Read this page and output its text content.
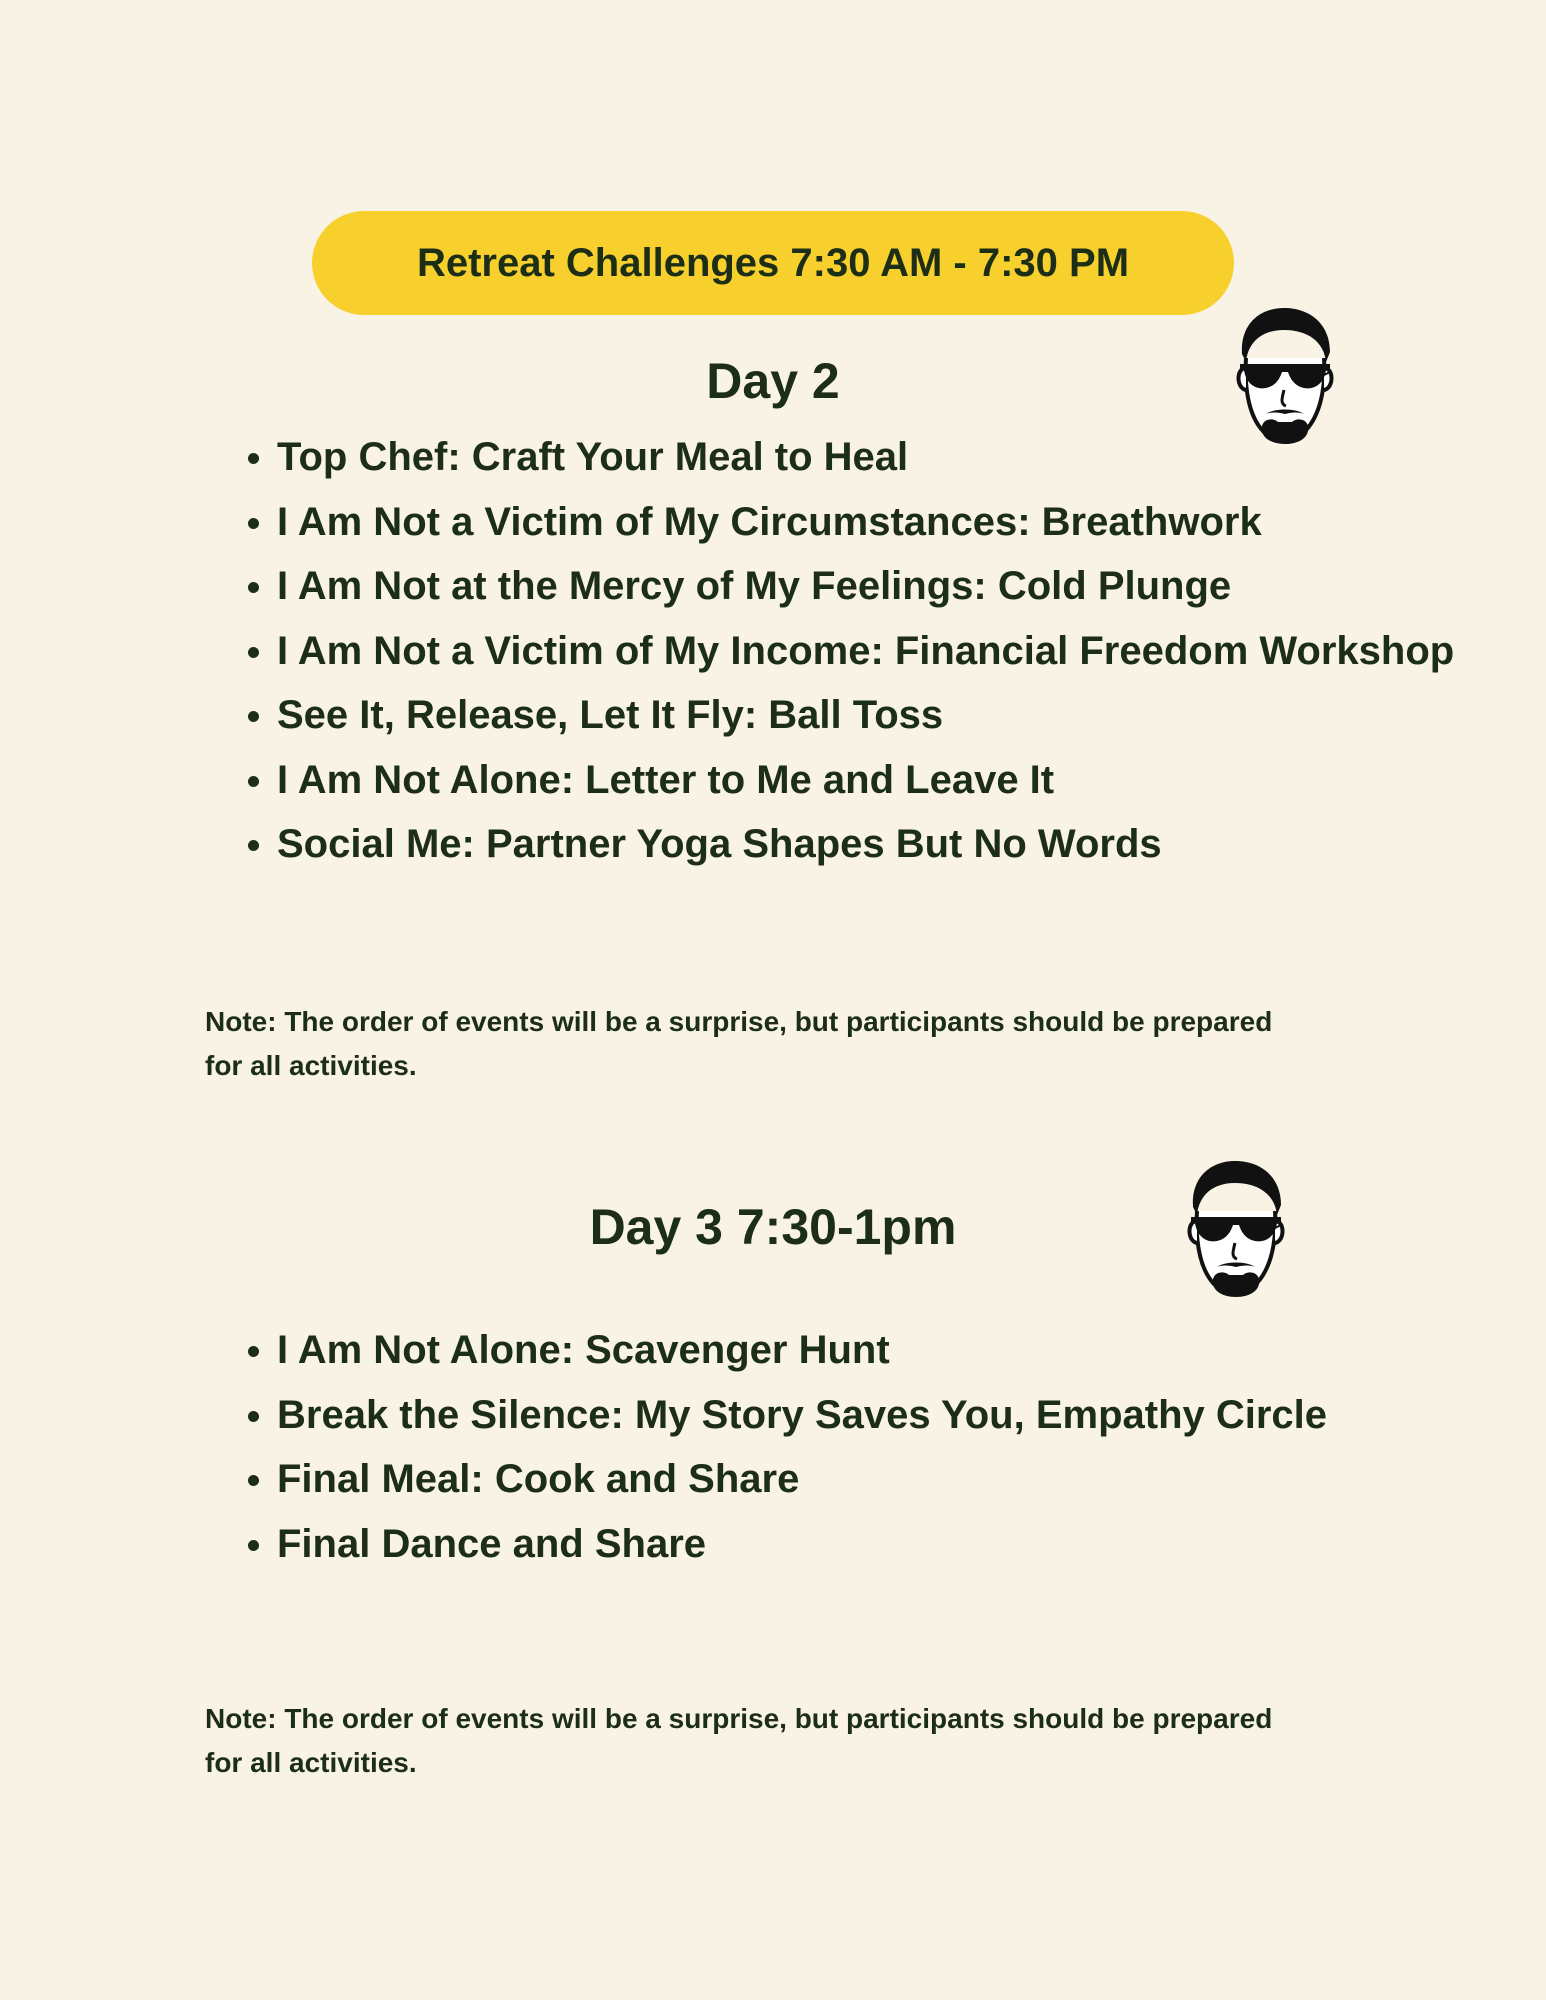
Retreat Challenges 7:30 AM - 7:30 PM
Day 2
• Top Chef: Craft Your Meal to Heal
• I Am Not a Victim of My Circumstances: Breathwork
• I Am Not at the Mercy of My Feelings: Cold Plunge
• I Am Not a Victim of My Income: Financial Freedom Workshop
• See It, Release, Let It Fly: Ball Toss
• I Am Not Alone: Letter to Me and Leave It
• Social Me: Partner Yoga Shapes But No Words
Note: The order of events will be a surprise, but participants should be prepared for all activities.
Day 3 7:30-1pm
• I Am Not Alone: Scavenger Hunt
• Break the Silence: My Story Saves You, Empathy Circle
• Final Meal: Cook and Share
• Final Dance and Share
Note: The order of events will be a surprise, but participants should be prepared for all activities.
